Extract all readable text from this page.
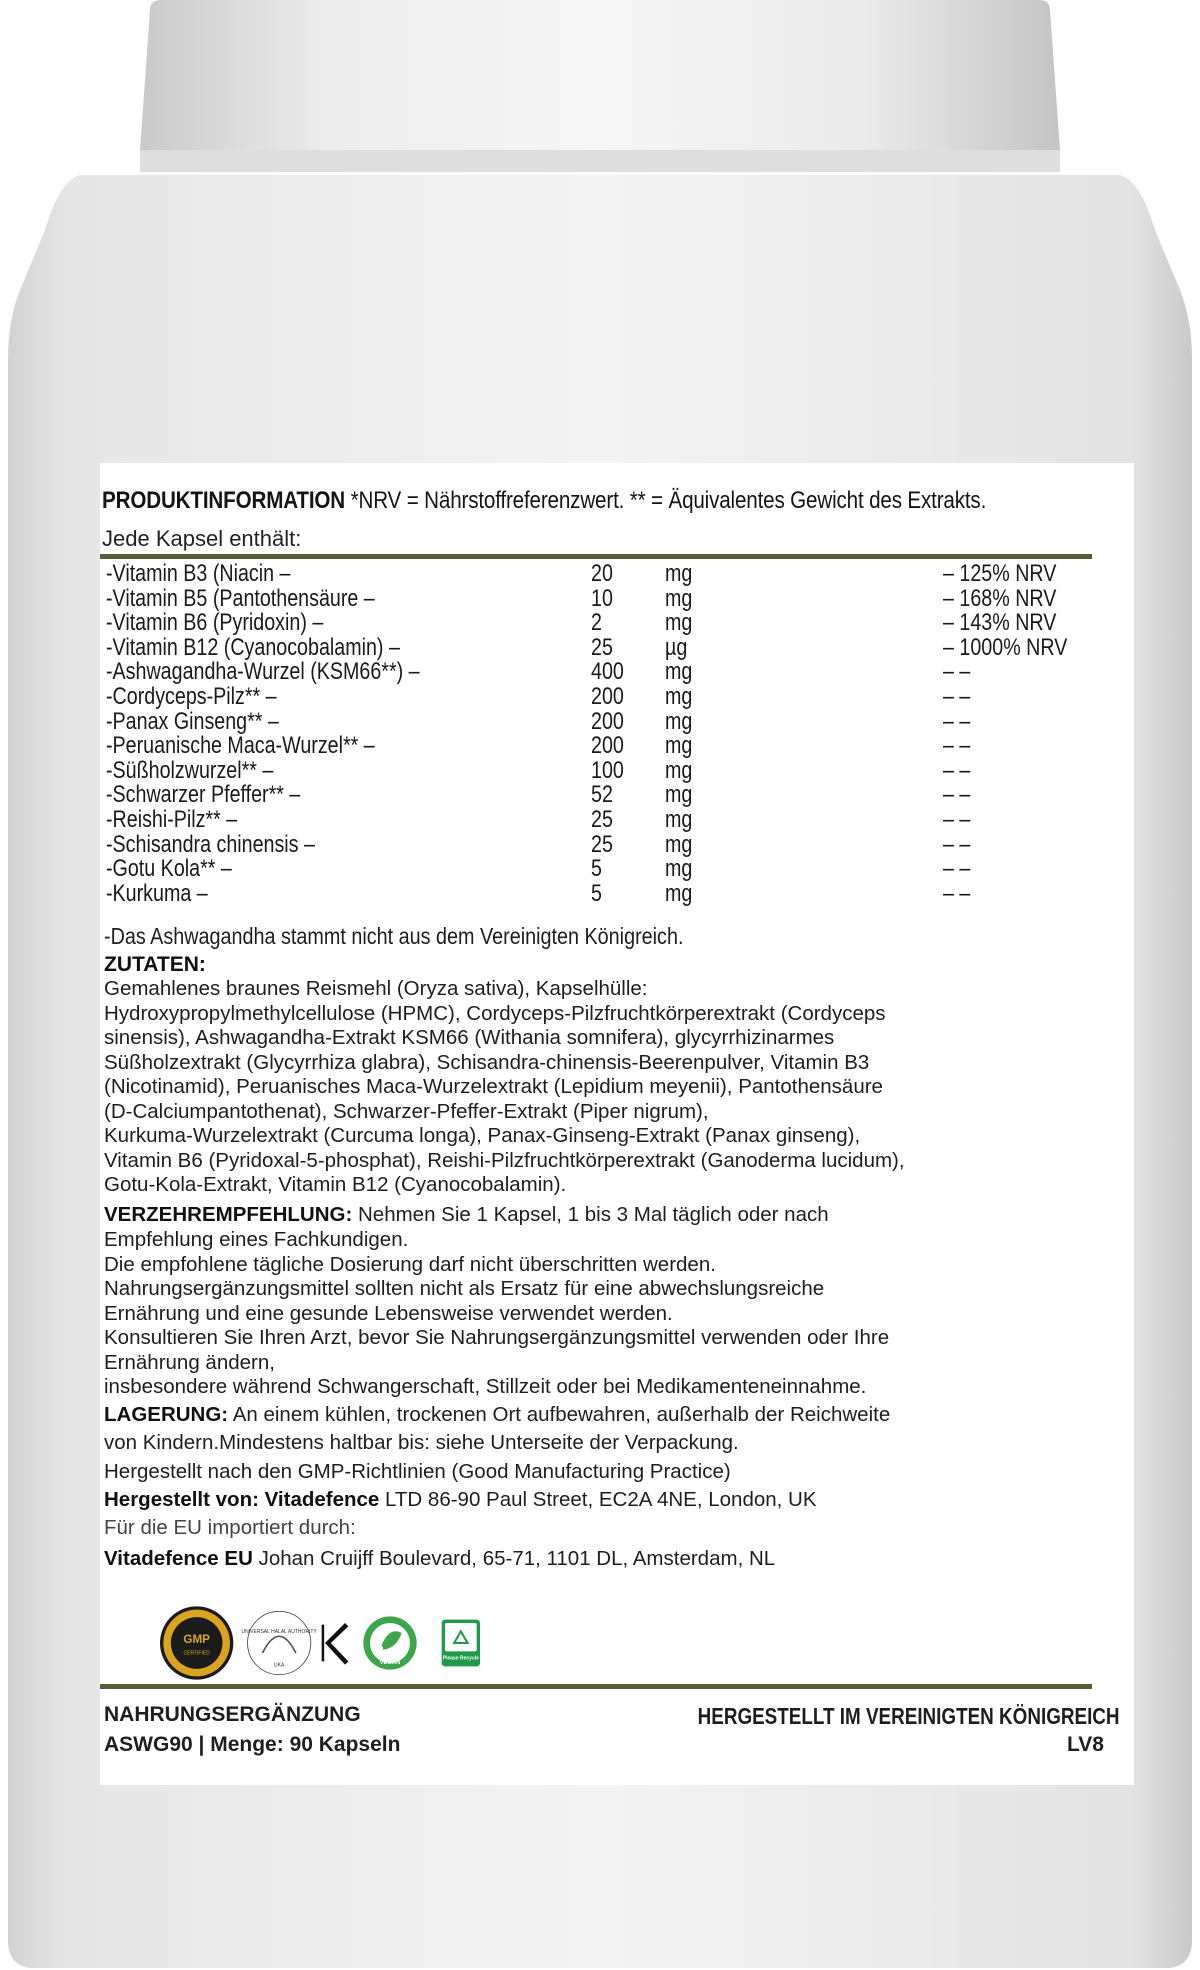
PRODUKTINFORMATION *NRV = Nährstoffreferenzwert. ** = Äquivalentes Gewicht des Extrakts.
Jede Kapsel enthält:
-Vitamin B3 (Niacin –	20 mg	– 125% NRV
-Vitamin B5 (Pantothensäure –	10 mg	– 168% NRV
-Vitamin B6 (Pyridoxin) –	2	mg	– 143% NRV
-Vitamin B12 (Cyanocobalamin) –	25 µg	– 1000% NRV
-Ashwagandha-Wurzel (KSM66**) –	400 mg	– –
-Cordyceps-Pilz** –	200 mg	– –
-Panax Ginseng** –	200 mg	– –
-Peruanische Maca-Wurzel** –	200 mg	– –
-Süßholzwurzel** –	100 mg	– –
-Schwarzer Pfeffer** –	52 mg	– –
-Reishi-Pilz** –	25 mg	– –
-Schisandra chinensis –	25 mg	– –
-Gotu Kola** –	5	mg	– –
-Kurkuma –	5	mg	– –
-Das Ashwagandha stammt nicht aus dem Vereinigten Königreich.
ZUTATEN:
Gemahlenes braunes Reismehl (Oryza sativa), Kapselhülle:
Hydroxypropylmethylcellulose (HPMC), Cordyceps-Pilzfruchtkörperextrakt (Cordyceps
sinensis), Ashwagandha-Extrakt KSM66 (Withania somnifera), glycyrrhizinarmes
Süßholzextrakt (Glycyrrhiza glabra), Schisandra-chinensis-Beerenpulver, Vitamin B3
(Nicotinamid), Peruanisches Maca-Wurzelextrakt (Lepidium meyenii), Pantothensäure
(D-Calciumpantothenat), Schwarzer-Pfeffer-Extrakt (Piper nigrum),
Kurkuma-Wurzelextrakt (Curcuma longa), Panax-Ginseng-Extrakt (Panax ginseng),
Vitamin B6 (Pyridoxal-5-phosphat), Reishi-Pilzfruchtkörperextrakt (Ganoderma lucidum),
Gotu-Kola-Extrakt, Vitamin B12 (Cyanocobalamin).
VERZEHREMPFEHLUNG: Nehmen Sie 1 Kapsel, 1 bis 3 Mal täglich oder nach
Empfehlung eines Fachkundigen.
Die empfohlene tägliche Dosierung darf nicht überschritten werden.
Nahrungsergänzungsmittel sollten nicht als Ersatz für eine abwechslungsreiche
Ernährung und eine gesunde Lebensweise verwendet werden.
Konsultieren Sie Ihren Arzt, bevor Sie Nahrungsergänzungsmittel verwenden oder Ihre
Ernährung ändern,
insbesondere während Schwangerschaft, Stillzeit oder bei Medikamenteneinnahme.
LAGERUNG: An einem kühlen, trockenen Ort aufbewahren, außerhalb der Reichweite
von Kindern.Mindestens haltbar bis: siehe Unterseite der Verpackung.
Hergestellt nach den GMP-Richtlinien (Good Manufacturing Practice)
Hergestellt von: Vitadefence LTD 86-90 Paul Street, EC2A 4NE, London, UK
Für die EU importiert durch:
Vitadefence EU Johan Cruijff Boulevard, 65-71, 1101 DL, Amsterdam, NL
GMP
CERTIFIED
UNIVERSAL HALAL AUTHORITY
UKA	VEGAN
Please Recycle
NAHRUNGSERGÄNZUNG
ASWG90 | Menge: 90 Kapseln
HERGESTELLT IM VEREINIGTEN KÖNIGREICH
LV8
